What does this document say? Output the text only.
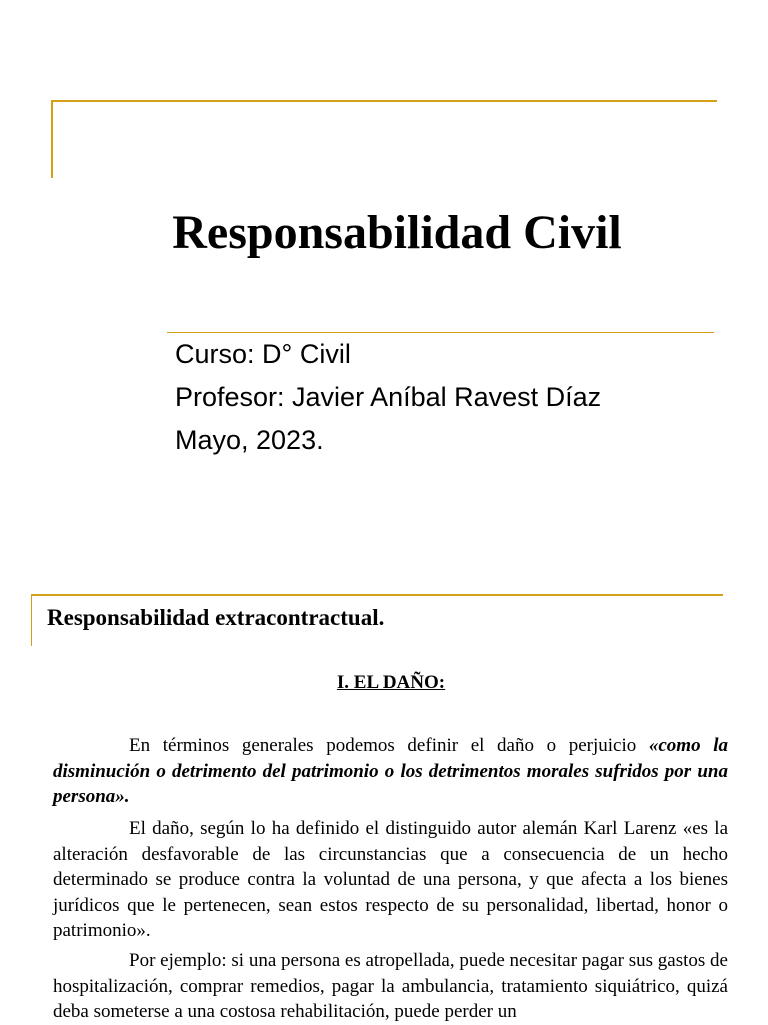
Responsabilidad Civil
Curso: D° Civil
Profesor: Javier Aníbal Ravest Díaz
Mayo, 2023.
Responsabilidad extracontractual.
I. EL DAÑO:

En términos generales podemos definir el daño o perjuicio «como la disminución o detrimento del patrimonio o los detrimentos morales sufridos por una persona».

El daño, según lo ha definido el distinguido autor alemán Karl Larenz «es la alteración desfavorable de las circunstancias que a consecuencia de un hecho determinado se produce contra la voluntad de una persona, y que afecta a los bienes jurídicos que le pertenecen, sean estos respecto de su personalidad, libertad, honor o patrimonio».

Por ejemplo: si una persona es atropellada, puede necesitar pagar sus gastos de hospitalización, comprar remedios, pagar la ambulancia, tratamiento siquiátrico, quizá deba someterse a una costosa rehabilitación, puede perder un
